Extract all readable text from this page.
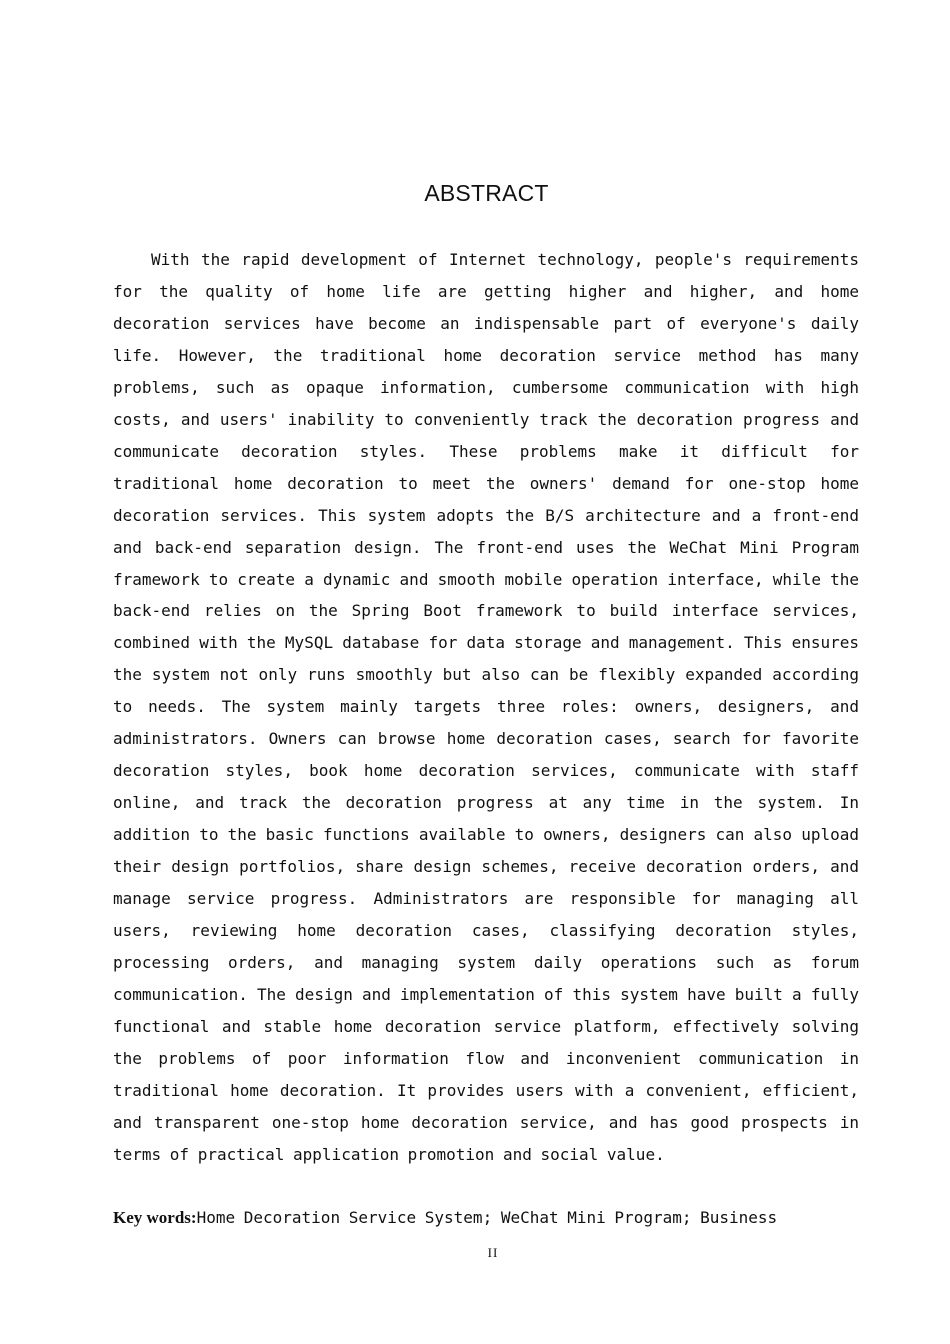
ABSTRACT

With the rapid development of Internet technology, people's requirements for the quality of home life are getting higher and higher, and home decoration services have become an indispensable part of everyone's daily life. However, the traditional home decoration service method has many problems, such as opaque information, cumbersome communication with high costs, and users' inability to conveniently track the decoration progress and communicate decoration styles. These problems make it difficult for traditional home decoration to meet the owners' demand for one-stop home decoration services. This system adopts the B/S architecture and a front-end and back-end separation design. The front-end uses the WeChat Mini Program framework to create a dynamic and smooth mobile operation interface, while the back-end relies on the Spring Boot framework to build interface services, combined with the MySQL database for data storage and management. This ensures the system not only runs smoothly but also can be flexibly expanded according to needs. The system mainly targets three roles: owners, designers, and administrators. Owners can browse home decoration cases, search for favorite decoration styles, book home decoration services, communicate with staff online, and track the decoration progress at any time in the system. In addition to the basic functions available to owners, designers can also upload their design portfolios, share design schemes, receive decoration orders, and manage service progress. Administrators are responsible for managing all users, reviewing home decoration cases, classifying decoration styles, processing orders, and managing system daily operations such as forum communication. The design and implementation of this system have built a fully functional and stable home decoration service platform, effectively solving the problems of poor information flow and inconvenient communication in traditional home decoration. It provides users with a convenient, efficient, and transparent one-stop home decoration service, and has good prospects in terms of practical application promotion and social value.

Key words:Home Decoration Service System; WeChat Mini Program; Business

II
